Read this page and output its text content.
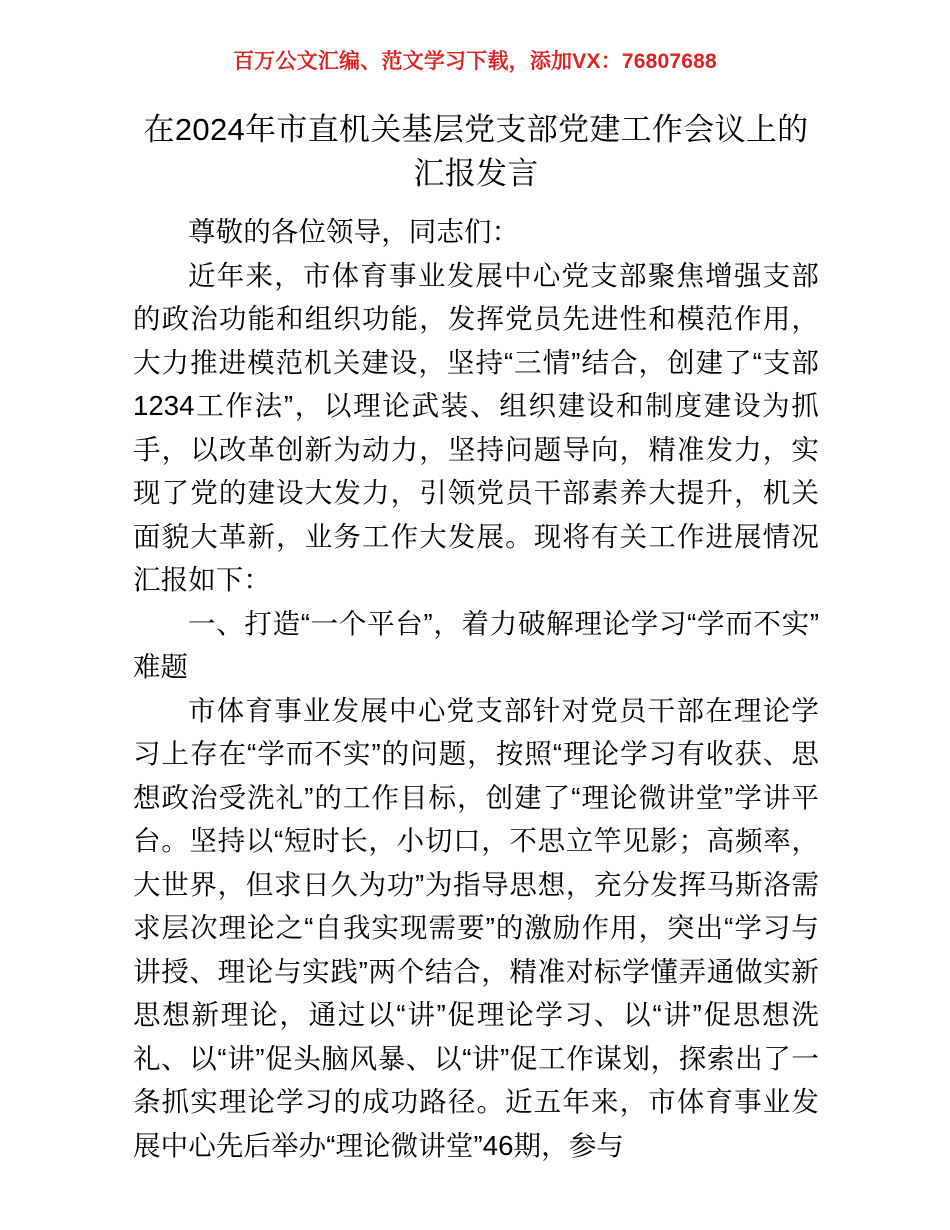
百万公文汇编、范文学习下载，添加VX：76807688
在2024年市直机关基层党支部党建工作会议上的汇报发言

尊敬的各位领导，同志们：

近年来，市体育事业发展中心党支部聚焦增强支部的政治功能和组织功能，发挥党员先进性和模范作用，大力推进模范机关建设，坚持“三情”结合，创建了“支部1234工作法”，以理论武装、组织建设和制度建设为抓手，以改革创新为动力，坚持问题导向，精准发力，实现了党的建设大发力，引领党员干部素养大提升，机关面貌大革新，业务工作大发展。现将有关工作进展情况汇报如下：

一、打造“一个平台”，着力破解理论学习“学而不实”难题

市体育事业发展中心党支部针对党员干部在理论学习上存在“学而不实”的问题，按照“理论学习有收获、思想政治受洗礼”的工作目标，创建了“理论微讲堂”学讲平台。坚持以“短时长，小切口，不思立竿见影；高频率，大世界，但求日久为功”为指导思想，充分发挥马斯洛需求层次理论之“自我实现需要”的激励作用，突出“学习与讲授、理论与实践”两个结合，精准对标学懂弄通做实新思想新理论，通过以“讲”促理论学习、以“讲”促思想洗礼、以“讲”促头脑风暴、以“讲”促工作谋划，探索出了一条抓实理论学习的成功路径。近五年来，市体育事业发展中心先后举办“理论微讲堂”46期，参与
